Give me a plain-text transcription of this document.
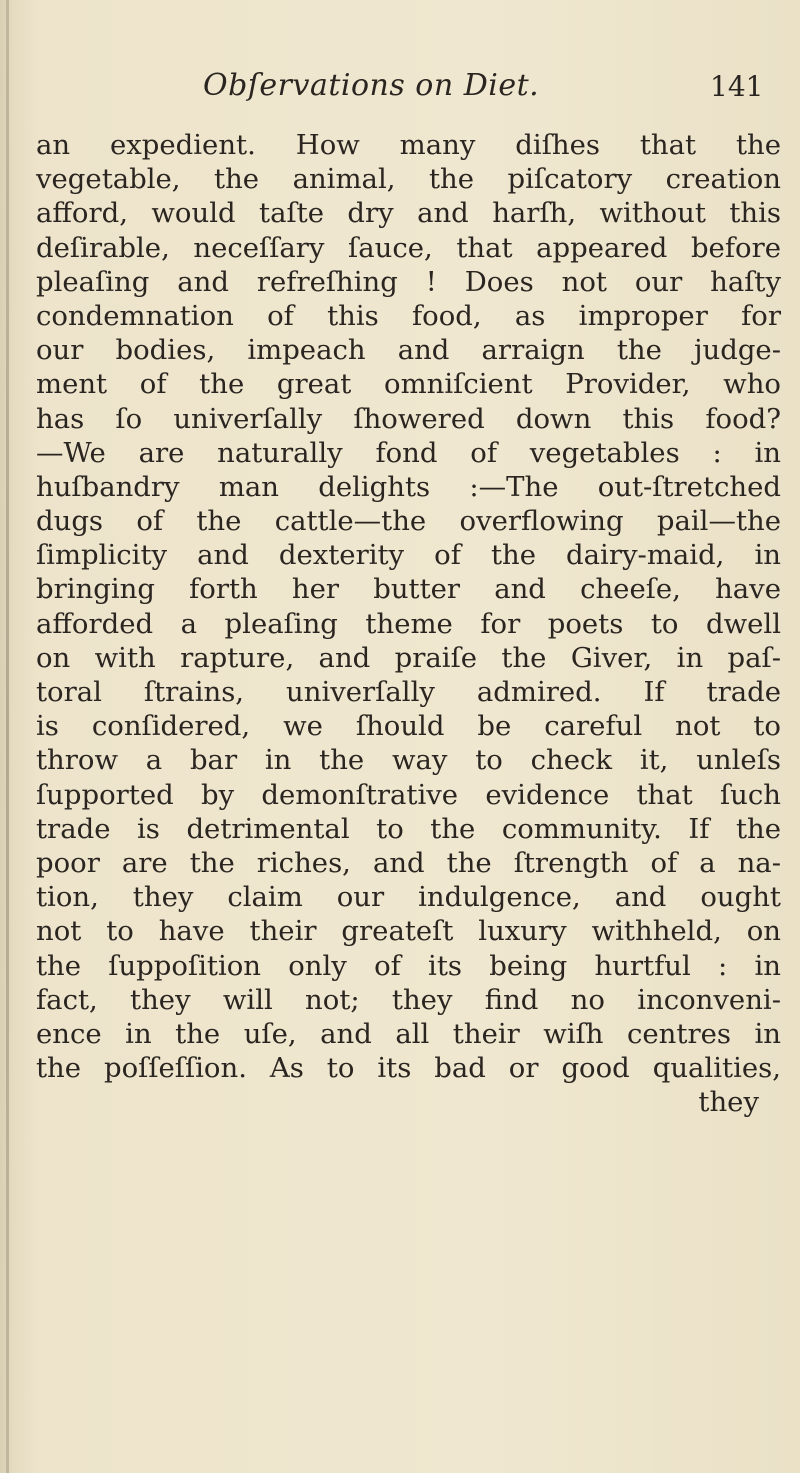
Obſervations on Diet.	141
an expedient. How many diſhes that the
vegetable, the animal, the piſcatory creation
afford, would taſte dry and harſh, without this
deſirable, neceſſary ſauce, that appeared before
pleaſing and refreſhing ! Does not our haſty
condemnation of this food, as improper for
our bodies, impeach and arraign the judge-
ment of the great omniſcient Provider, who
has ſo univerſally ſhowered down this food?
—We are naturally fond of vegetables : in
huſbandry man delights :—The out-ſtretched
dugs of the cattle—the overflowing pail—the
ſimplicity and dexterity of the dairy-maid, in
bringing forth her butter and cheeſe, have
afforded a pleaſing theme for poets to dwell
on with rapture, and praiſe the Giver, in paſ-
toral ſtrains, univerſally admired. If trade
is conſidered, we ſhould be careful not to
throw a bar in the way to check it, unleſs
ſupported by demonſtrative evidence that ſuch
trade is detrimental to the community. If the
poor are the riches, and the ſtrength of a na-
tion, they claim our indulgence, and ought
not to have their greateſt luxury withheld, on
the ſuppoſition only of its being hurtful : in
fact, they will not; they find no inconveni-
ence in the uſe, and all their wiſh centres in
the poſſeſſion. As to its bad or good qualities,
they
